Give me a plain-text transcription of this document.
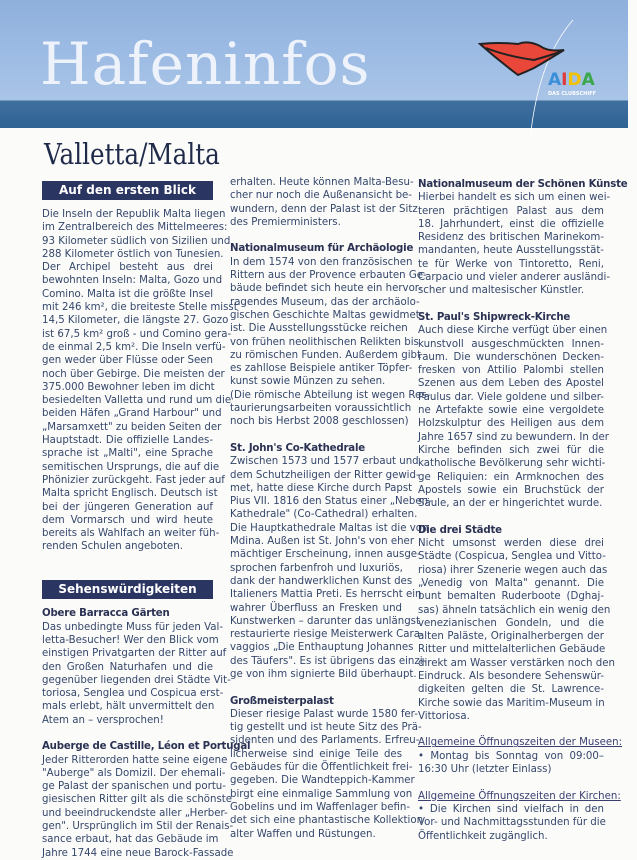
Hafeninfos	AIDA
DAS CLUBSCHIFF
Valletta/Malta
Auf den ersten Blick
Die Inseln der Republik Malta liegen
im Zentralbereich des Mittelmeeres:
93 Kilometer südlich von Sizilien und
288 Kilometer östlich von Tunesien.
Der Archipel besteht aus drei
bewohnten Inseln: Malta, Gozo und
Comino. Malta ist die größte Insel
mit 246 km², die breiteste Stelle misst
14,5 Kilometer, die längste 27. Gozo
ist 67,5 km² groß - und Comino gera-
de einmal 2,5 km². Die Inseln verfü-
gen weder über Flüsse oder Seen
noch über Gebirge. Die meisten der
375.000 Bewohner leben im dicht
besiedelten Valletta und rund um die
beiden Häfen „Grand Harbour" und
„Marsamxett" zu beiden Seiten der
Hauptstadt. Die offizielle Landes-
sprache ist „Malti", eine Sprache
semitischen Ursprungs, die auf die
Phönizier zurückgeht. Fast jeder auf
Malta spricht Englisch. Deutsch ist
bei der jüngeren Generation auf
dem Vormarsch und wird heute
bereits als Wahlfach an weiter füh-
renden Schulen angeboten.
Sehenswürdigkeiten
Obere Barracca Gärten
Das unbedingte Muss für jeden Val-
letta-Besucher! Wer den Blick vom
einstigen Privatgarten der Ritter auf
den Großen Naturhafen und die
gegenüber liegenden drei Städte Vit-
toriosa, Senglea und Cospicua erst-
mals erlebt, hält unvermittelt den
Atem an – versprochen!
Auberge de Castille, Léon et Portugal
Jeder Ritterorden hatte seine eigene
"Auberge" als Domizil. Der ehemali-
ge Palast der spanischen und portu-
giesischen Ritter gilt als die schönste
und beeindruckendste aller „Herber-
gen". Ursprünglich im Stil der Renais-
sance erbaut, hat das Gebäude im
Jahre 1744 eine neue Barock-Fassade
erhalten. Heute können Malta-Besu-
cher nur noch die Außenansicht be-
wundern, denn der Palast ist der Sitz
des Premierministers.
Nationalmuseum für Archäologie
In dem 1574 von den französischen
Rittern aus der Provence erbauten Ge-
bäude befindet sich heute ein hervor-
ragendes Museum, das der archäolo-
gischen Geschichte Maltas gewidmet
ist. Die Ausstellungsstücke reichen
von frühen neolithischen Relikten bis
zu römischen Funden. Außerdem gibt
es zahllose Beispiele antiker Töpfer-
kunst sowie Münzen zu sehen.
(Die römische Abteilung ist wegen Res-
taurierungsarbeiten voraussichtlich
noch bis Herbst 2008 geschlossen)
St. John's Co-Kathedrale
Zwischen 1573 und 1577 erbaut und
dem Schutzheiligen der Ritter gewid-
met, hatte diese Kirche durch Papst
Pius VII. 1816 den Status einer „Neben-
Kathedrale" (Co-Cathedral) erhalten.
Die Hauptkathedrale Maltas ist die von
Mdina. Außen ist St. John's von eher
mächtiger Erscheinung, innen ausge-
sprochen farbenfroh und luxuriös,
dank der handwerklichen Kunst des
Italieners Mattia Preti. Es herrscht ein
wahrer Überfluss an Fresken und
Kunstwerken – darunter das unlängst
restaurierte riesige Meisterwerk Cara-
vaggios „Die Enthauptung Johannes
des Täufers". Es ist übrigens das einzi-
ge von ihm signierte Bild überhaupt.
Großmeisterpalast
Dieser riesige Palast wurde 1580 fer-
tig gestellt und ist heute Sitz des Prä-
sidenten und des Parlaments. Erfreu-
licherweise sind einige Teile des
Gebäudes für die Öffentlichkeit frei-
gegeben. Die Wandteppich-Kammer
birgt eine einmalige Sammlung von
Gobelins und im Waffenlager befin-
det sich eine phantastische Kollektion
alter Waffen und Rüstungen.
Nationalmuseum der Schönen Künste
Hierbei handelt es sich um einen wei-
teren prächtigen Palast aus dem
18. Jahrhundert, einst die offizielle
Residenz des britischen Marinekom-
mandanten, heute Ausstellungsstät-
te für Werke von Tintoretto, Reni,
Carpacio und vieler anderer ausländi-
scher und maltesischer Künstler.
St. Paul's Shipwreck-Kirche
Auch diese Kirche verfügt über einen
kunstvoll ausgeschmückten Innen-
raum. Die wunderschönen Decken-
fresken von Attilio Palombi stellen
Szenen aus dem Leben des Apostel
Paulus dar. Viele goldene und silber-
ne Artefakte sowie eine vergoldete
Holzskulptur des Heiligen aus dem
Jahre 1657 sind zu bewundern. In der
Kirche befinden sich zwei für die
katholische Bevölkerung sehr wichti-
ge Reliquien: ein Armknochen des
Apostels sowie ein Bruchstück der
Säule, an der er hingerichtet wurde.
Die drei Städte
Nicht umsonst werden diese drei
Städte (Cospicua, Senglea und Vitto-
riosa) ihrer Szenerie wegen auch das
„Venedig von Malta" genannt. Die
bunt bemalten Ruderboote (Dghaj-
sas) ähneln tatsächlich ein wenig den
venezianischen Gondeln, und die
alten Paläste, Originalherbergen der
Ritter und mittelalterlichen Gebäude
direkt am Wasser verstärken noch den
Eindruck. Als besondere Sehenswür-
digkeiten gelten die St. Lawrence-
Kirche sowie das Maritim-Museum in
Vittoriosa.
Allgemeine Öffnungszeiten der Museen:
• Montag bis Sonntag von 09:00–
16:30 Uhr (letzter Einlass)
Allgemeine Öffnungszeiten der Kirchen:
• Die Kirchen sind vielfach in den
Vor- und Nachmittagsstunden für die
Öffentlichkeit zugänglich.
